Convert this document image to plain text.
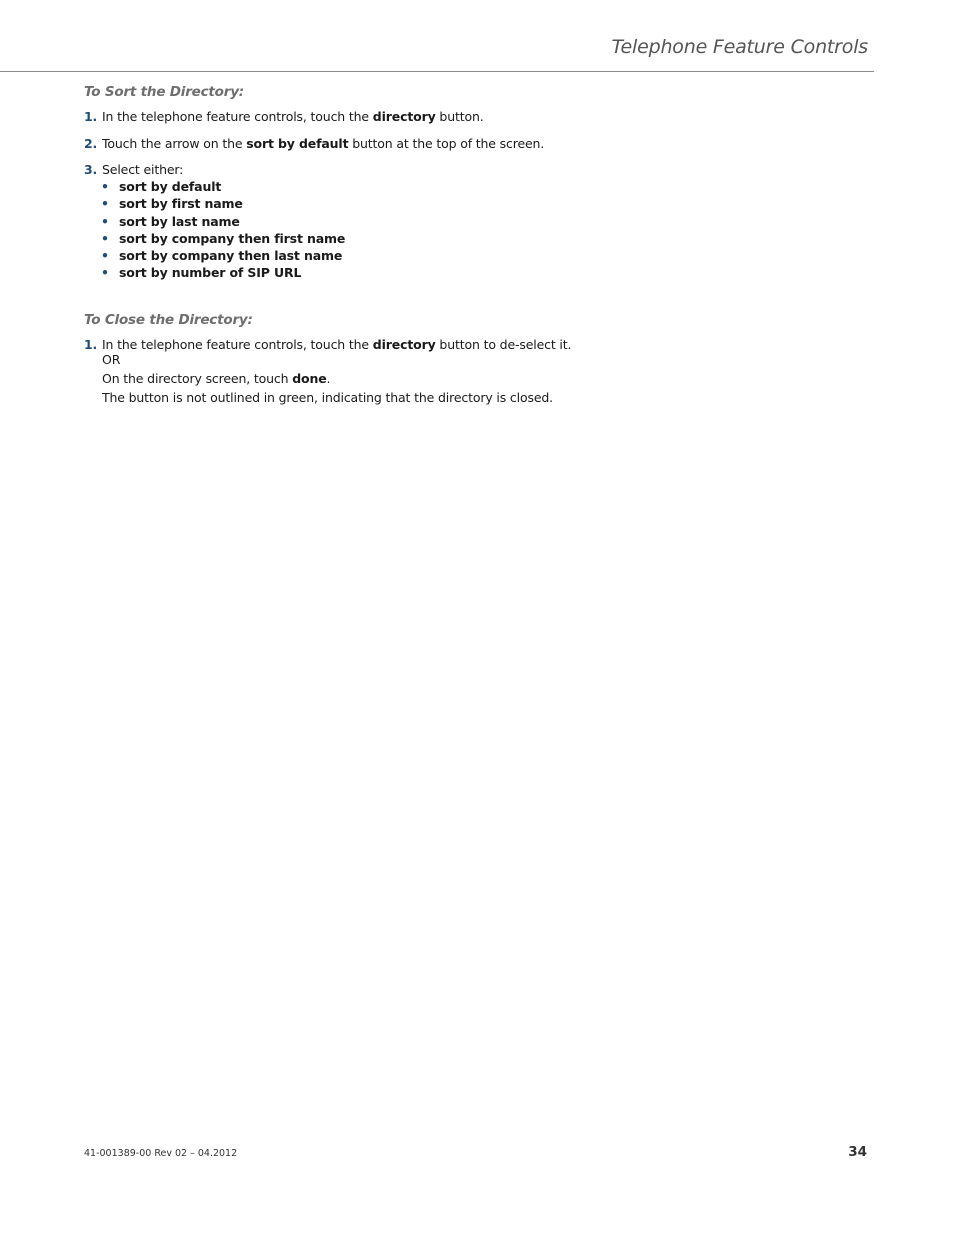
Telephone Feature Controls
To Sort the Directory:
1. In the telephone feature controls, touch the directory button.
2. Touch the arrow on the sort by default button at the top of the screen.
3. Select either:
• sort by default
• sort by first name
• sort by last name
• sort by company then first name
• sort by company then last name
• sort by number of SIP URL
To Close the Directory:
1. In the telephone feature controls, touch the directory button to de-select it.
OR
On the directory screen, touch done.
The button is not outlined in green, indicating that the directory is closed.
41-001389-00 Rev 02 – 04.2012	34
